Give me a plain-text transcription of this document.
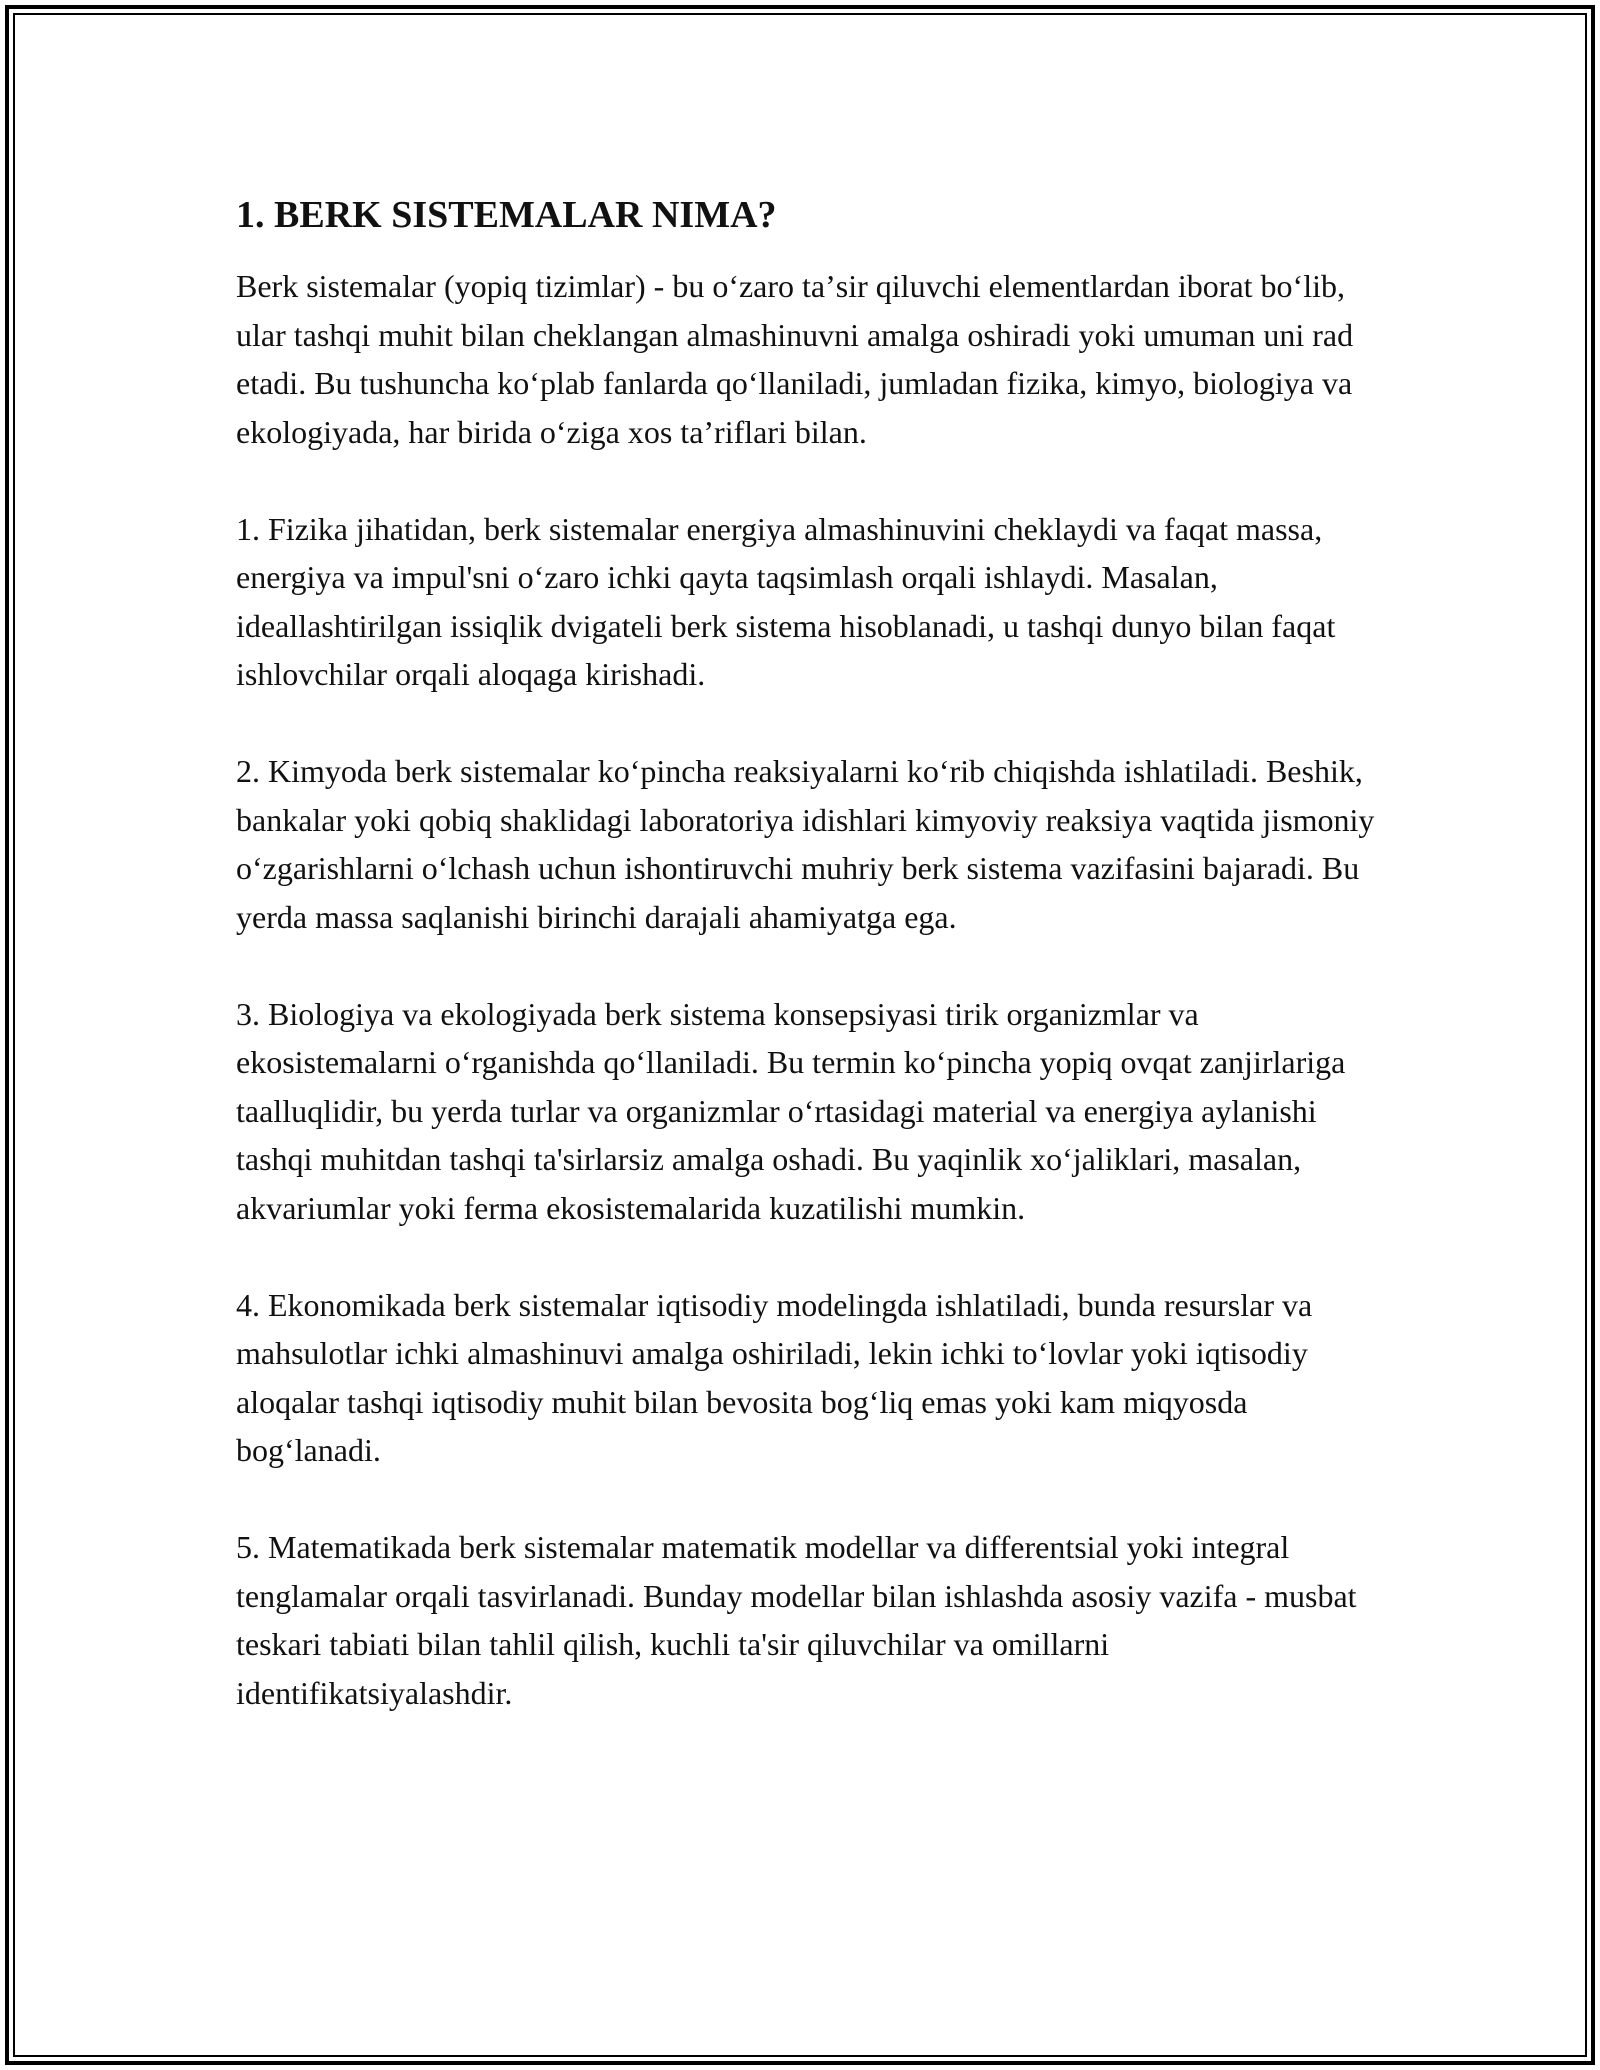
1. BERK SISTEMALAR NIMA?

Berk sistemalar (yopiq tizimlar) - bu oʻzaro taʼsir qiluvchi elementlardan iborat boʻlib, ular tashqi muhit bilan cheklangan almashinuvni amalga oshiradi yoki umuman uni rad etadi. Bu tushuncha koʻplab fanlarda qoʻllaniladi, jumladan fizika, kimyo, biologiya va ekologiyada, har birida oʻziga xos taʼriflari bilan.

1. Fizika jihatidan, berk sistemalar energiya almashinuvini cheklaydi va faqat massa, energiya va impul'sni oʻzaro ichki qayta taqsimlash orqali ishlaydi. Masalan, ideallashtirilgan issiqlik dvigateli berk sistema hisoblanadi, u tashqi dunyo bilan faqat ishlovchilar orqali aloqaga kirishadi.

2. Kimyoda berk sistemalar koʻpincha reaksiyalarni koʻrib chiqishda ishlatiladi. Beshik, bankalar yoki qobiq shaklidagi laboratoriya idishlari kimyoviy reaksiya vaqtida jismoniy oʻzgarishlarni oʻlchash uchun ishontiruvchi muhriy berk sistema vazifasini bajaradi. Bu yerda massa saqlanishi birinchi darajali ahamiyatga ega.

3. Biologiya va ekologiyada berk sistema konsepsiyasi tirik organizmlar va ekosistemalarni oʻrganishda qoʻllaniladi. Bu termin koʻpincha yopiq ovqat zanjirlariga taalluqlidir, bu yerda turlar va organizmlar oʻrtasidagi material va energiya aylanishi tashqi muhitdan tashqi ta'sirlarsiz amalga oshadi. Bu yaqinlik xoʻjaliklari, masalan, akvariumlar yoki ferma ekosistemalarida kuzatilishi mumkin.

4. Ekonomikada berk sistemalar iqtisodiy modelingda ishlatiladi, bunda resurslar va mahsulotlar ichki almashinuvi amalga oshiriladi, lekin ichki toʻlovlar yoki iqtisodiy aloqalar tashqi iqtisodiy muhit bilan bevosita bogʻliq emas yoki kam miqyosda bogʻlanadi.

5. Matematikada berk sistemalar matematik modellar va differentsial yoki integral tenglamalar orqali tasvirlanadi. Bunday modellar bilan ishlashda asosiy vazifa - musbat teskari tabiati bilan tahlil qilish, kuchli ta'sir qiluvchilar va omillarni identifikatsiyalashdir.
